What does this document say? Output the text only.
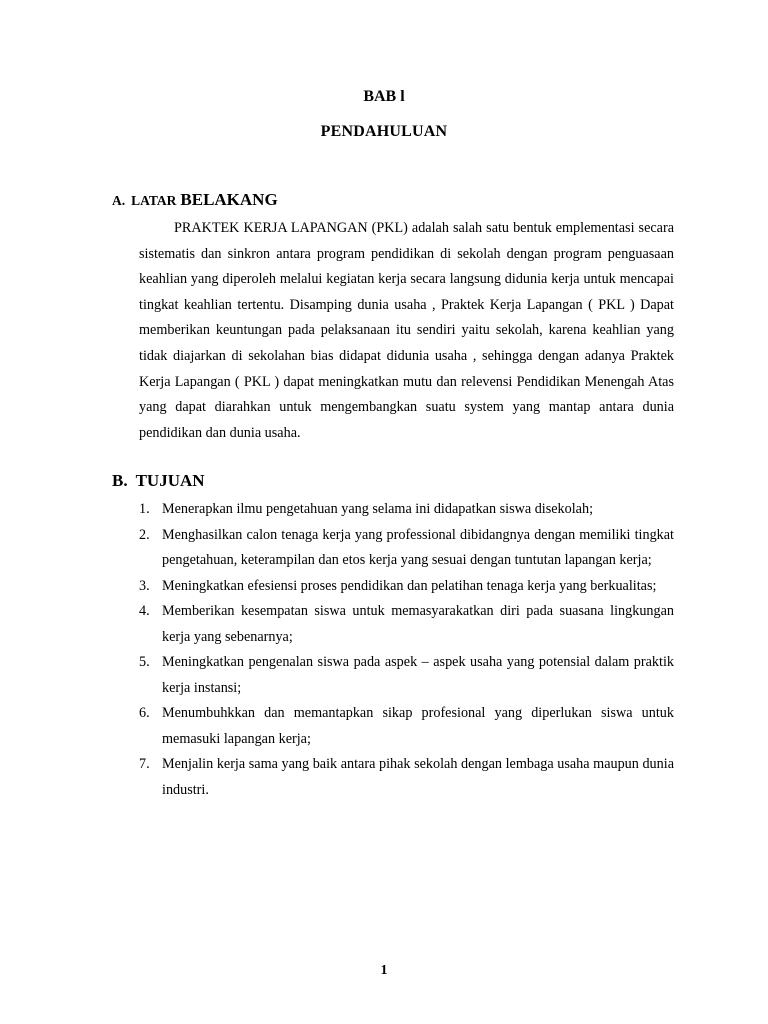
BAB l
PENDAHULUAN
A. LATAR BELAKANG

PRAKTEK KERJA LAPANGAN (PKL) adalah salah satu bentuk emplementasi secara sistematis dan sinkron antara program pendidikan di sekolah dengan program penguasaan keahlian yang diperoleh melalui kegiatan kerja secara langsung didunia kerja untuk mencapai tingkat keahlian tertentu. Disamping dunia usaha , Praktek Kerja Lapangan ( PKL ) Dapat memberikan keuntungan pada pelaksanaan itu sendiri yaitu sekolah, karena keahlian yang tidak diajarkan di sekolahan bias didapat didunia usaha , sehingga dengan adanya Praktek Kerja Lapangan ( PKL ) dapat meningkatkan mutu dan relevensi Pendidikan Menengah Atas yang dapat diarahkan untuk mengembangkan suatu system yang mantap antara dunia pendidikan dan dunia usaha.

B. TUJUAN
1. Menerapkan ilmu pengetahuan yang selama ini didapatkan siswa disekolah;
2. Menghasilkan calon tenaga kerja yang professional dibidangnya dengan memiliki tingkat pengetahuan, keterampilan dan etos kerja yang sesuai dengan tuntutan lapangan kerja;
3. Meningkatkan efesiensi proses pendidikan dan pelatihan tenaga kerja yang berkualitas;
4. Memberikan kesempatan siswa untuk memasyarakatkan diri pada suasana lingkungan kerja yang sebenarnya;
5. Meningkatkan pengenalan siswa pada aspek – aspek usaha yang potensial dalam praktik kerja instansi;
6. Menumbuhkkan dan memantapkan sikap profesional yang diperlukan siswa untuk memasuki lapangan kerja;
7. Menjalin kerja sama yang baik antara pihak sekolah dengan lembaga usaha maupun dunia industri.
1
